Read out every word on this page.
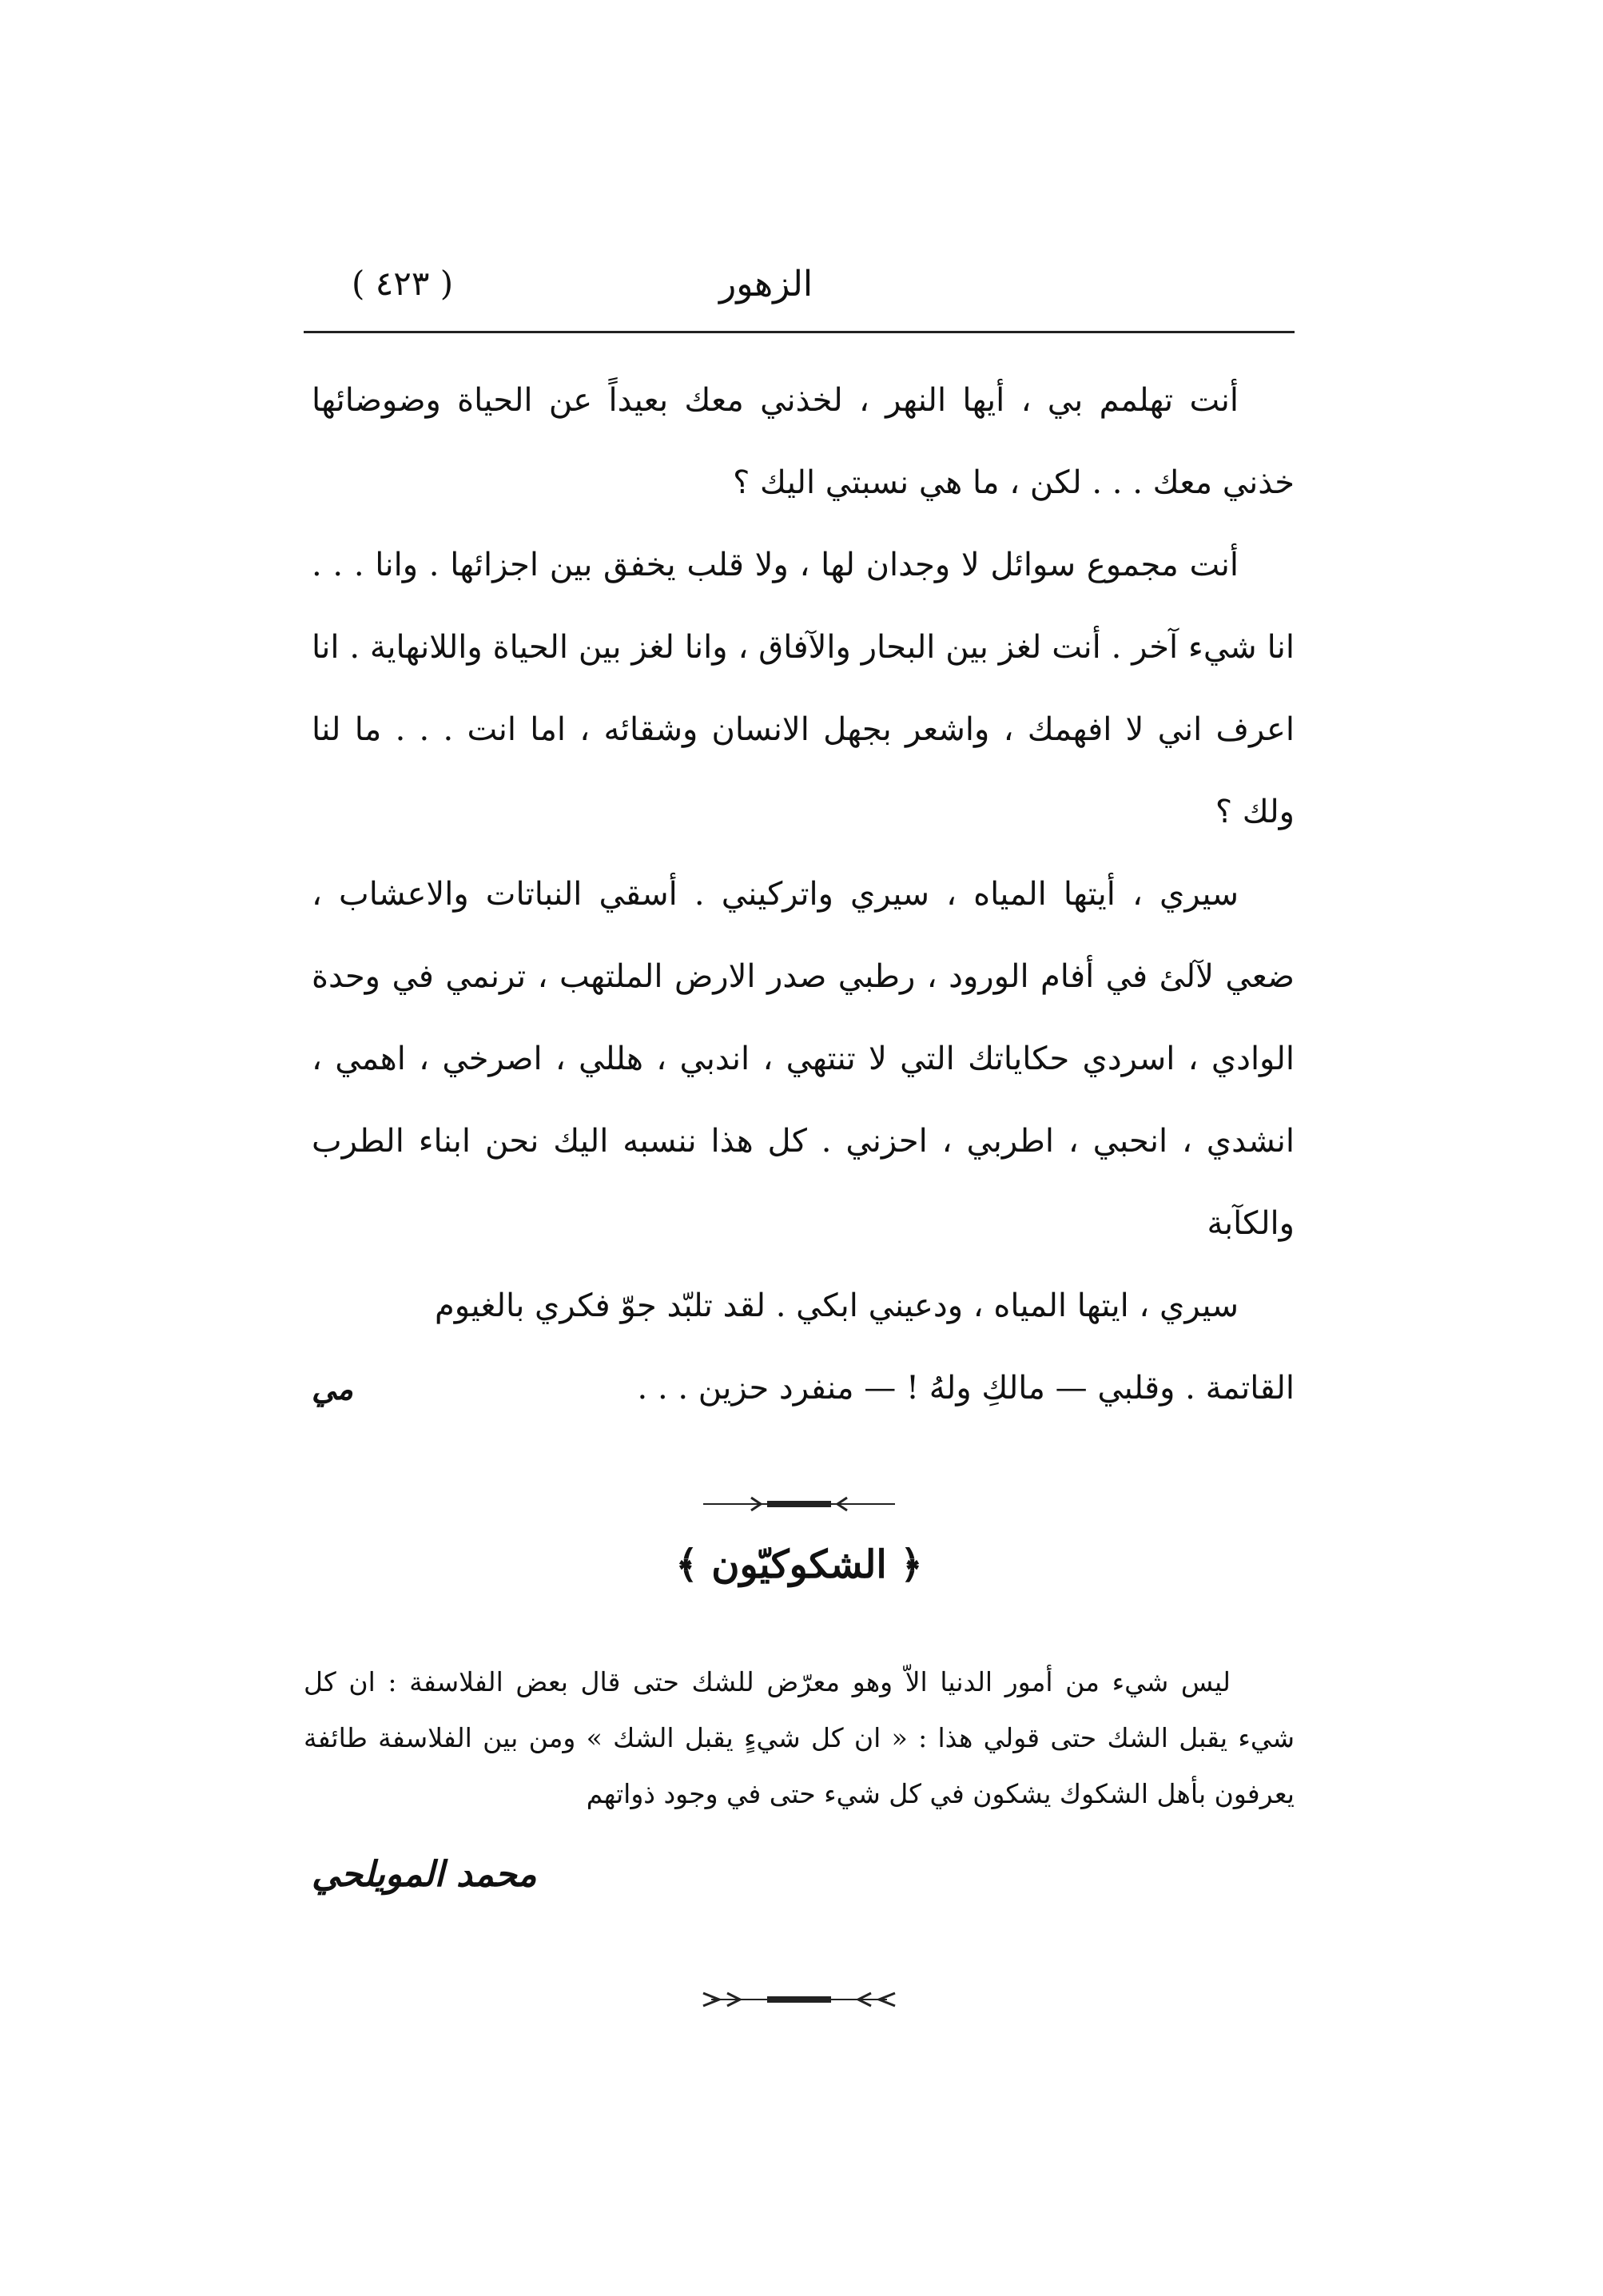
الزهور
( ٤٢٣ )

أنت تهلمم بي ، أيها النهر ، لخذني معك بعيداً عن الحياة وضوضائها خذني معك . . . لكن ، ما هي نسبتي اليك ؟

أنت مجموع سوائل لا وجدان لها ، ولا قلب يخفق بين اجزائها . وانا . . . انا شيء آخر . أنت لغز بين البحار والآفاق ، وانا لغز بين الحياة واللانهاية . انا اعرف اني لا افهمك ، واشعر بجهل الانسان وشقائه ، اما انت . . . ما لنا ولك ؟

سيري ، أيتها المياه ، سيري واتركيني . أسقي النباتات والاعشاب ، ضعي لآلئ في أفام الورود ، رطبي صدر الارض الملتهب ، ترنمي في وحدة الوادي ، اسردي حكاياتك التي لا تنتهي ، اندبي ، هللي ، اصرخي ، اهمي ، انشدي ، انحبي ، اطربي ، احزني . كل هذا ننسبه اليك نحن ابناء الطرب والكآبة

سيري ، ايتها المياه ، ودعيني ابكي . لقد تلبّد جوّ فكري بالغيوم

القاتمة . وقلبي — مالكِ ولهُ ! — منفرد حزين . . .
مي

﴿ الشكوكيّون ﴾

ليس شيء من أمور الدنيا الاّ وهو معرّض للشك حتى قال بعض الفلاسفة : ان كل شيء يقبل الشك حتى قولي هذا : « ان كل شيءٍ يقبل الشك » ومن بين الفلاسفة طائفة يعرفون بأهل الشكوك يشكون في كل شيء حتى في وجود ذواتهم

محمد المويلحي
